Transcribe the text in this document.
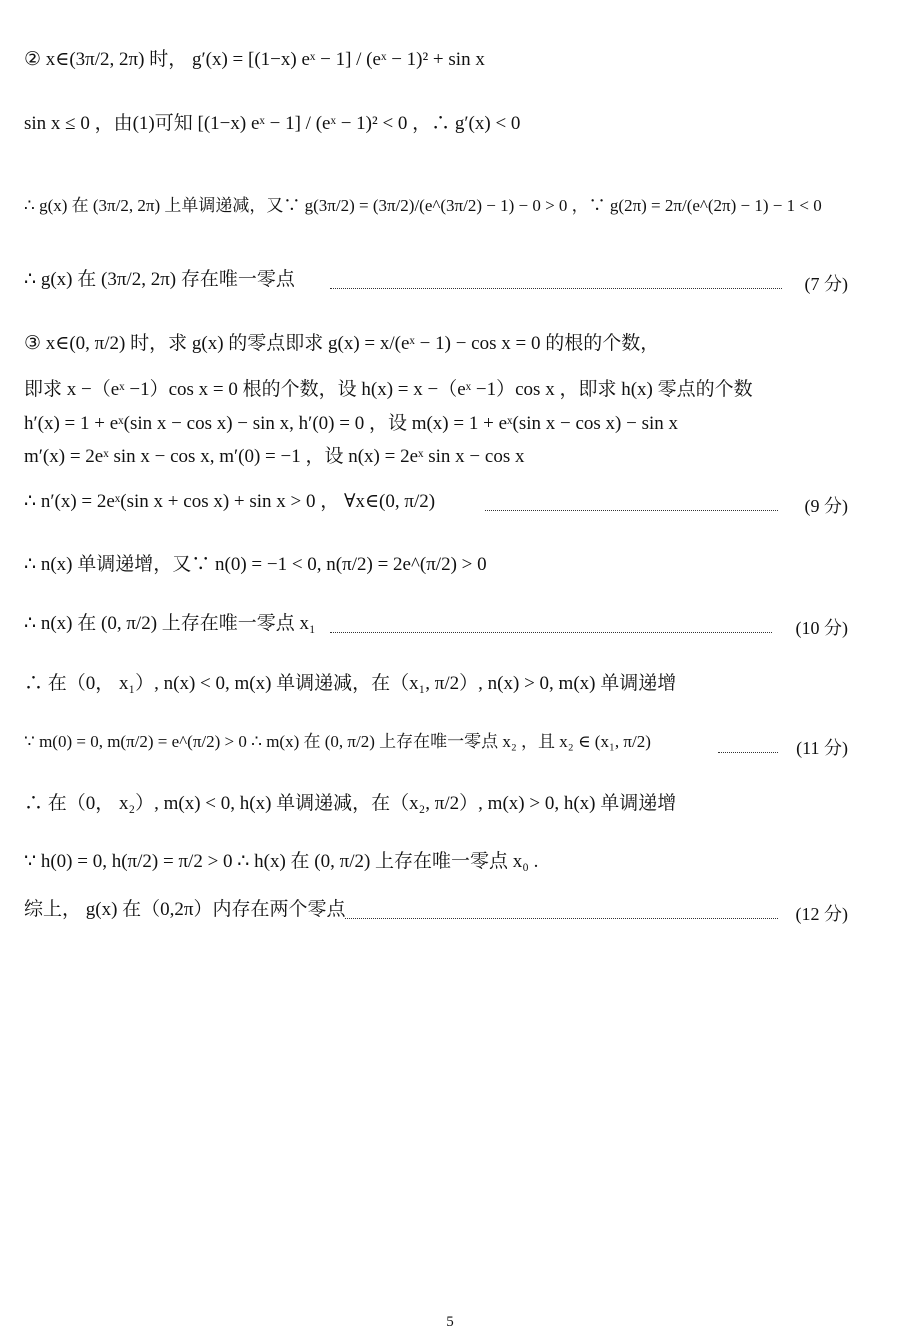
② x∈(3π/2, 2π) 时， g′(x) = [(1−x) eˣ − 1] / (eˣ − 1)² + sin x
sin x ≤ 0 ，由(1)可知 [(1−x) eˣ − 1] / (eˣ − 1)² < 0 ，∴ g′(x) < 0
∴ g(x) 在 (3π/2, 2π) 上单调递减，又∵ g(3π/2) = (3π/2)/(e^(3π/2) − 1) − 0 > 0 ，∵ g(2π) = 2π/(e^(2π) − 1) − 1 < 0
∴ g(x) 在 (3π/2, 2π) 存在唯一零点	(7 分)
③ x∈(0, π/2) 时，求 g(x) 的零点即求 g(x) = x/(eˣ − 1) − cos x = 0 的根的个数，
即求 x −（eˣ −1）cos x = 0 根的个数，设 h(x) = x −（eˣ −1）cos x ，即求 h(x) 零点的个数
h′(x) = 1 + eˣ(sin x − cos x) − sin x, h′(0) = 0 ，设 m(x) = 1 + eˣ(sin x − cos x) − sin x
m′(x) = 2eˣ sin x − cos x, m′(0) = −1 ，设 n(x) = 2eˣ sin x − cos x
∴ n′(x) = 2eˣ(sin x + cos x) + sin x > 0 ， ∀x∈(0, π/2)	(9 分)
∴ n(x) 单调递增，又∵ n(0) = −1 < 0, n(π/2) = 2e^(π/2) > 0
∴ n(x) 在 (0, π/2) 上存在唯一零点 x₁	(10 分)
∴ 在（0， x₁）, n(x) < 0, m(x) 单调递减，在（x₁, π/2）, n(x) > 0, m(x) 单调递增
∵ m(0) = 0, m(π/2) = e^(π/2) > 0 ∴ m(x) 在 (0, π/2) 上存在唯一零点 x₂ ，且 x₂ ∈ (x₁, π/2)	(11 分)
∴ 在（0， x₂）, m(x) < 0, h(x) 单调递减，在（x₂, π/2）, m(x) > 0, h(x) 单调递增
∵ h(0) = 0, h(π/2) = π/2 > 0 ∴ h(x) 在 (0, π/2) 上存在唯一零点 x₀ .
综上， g(x) 在（0,2π）内存在两个零点	(12 分)
5
